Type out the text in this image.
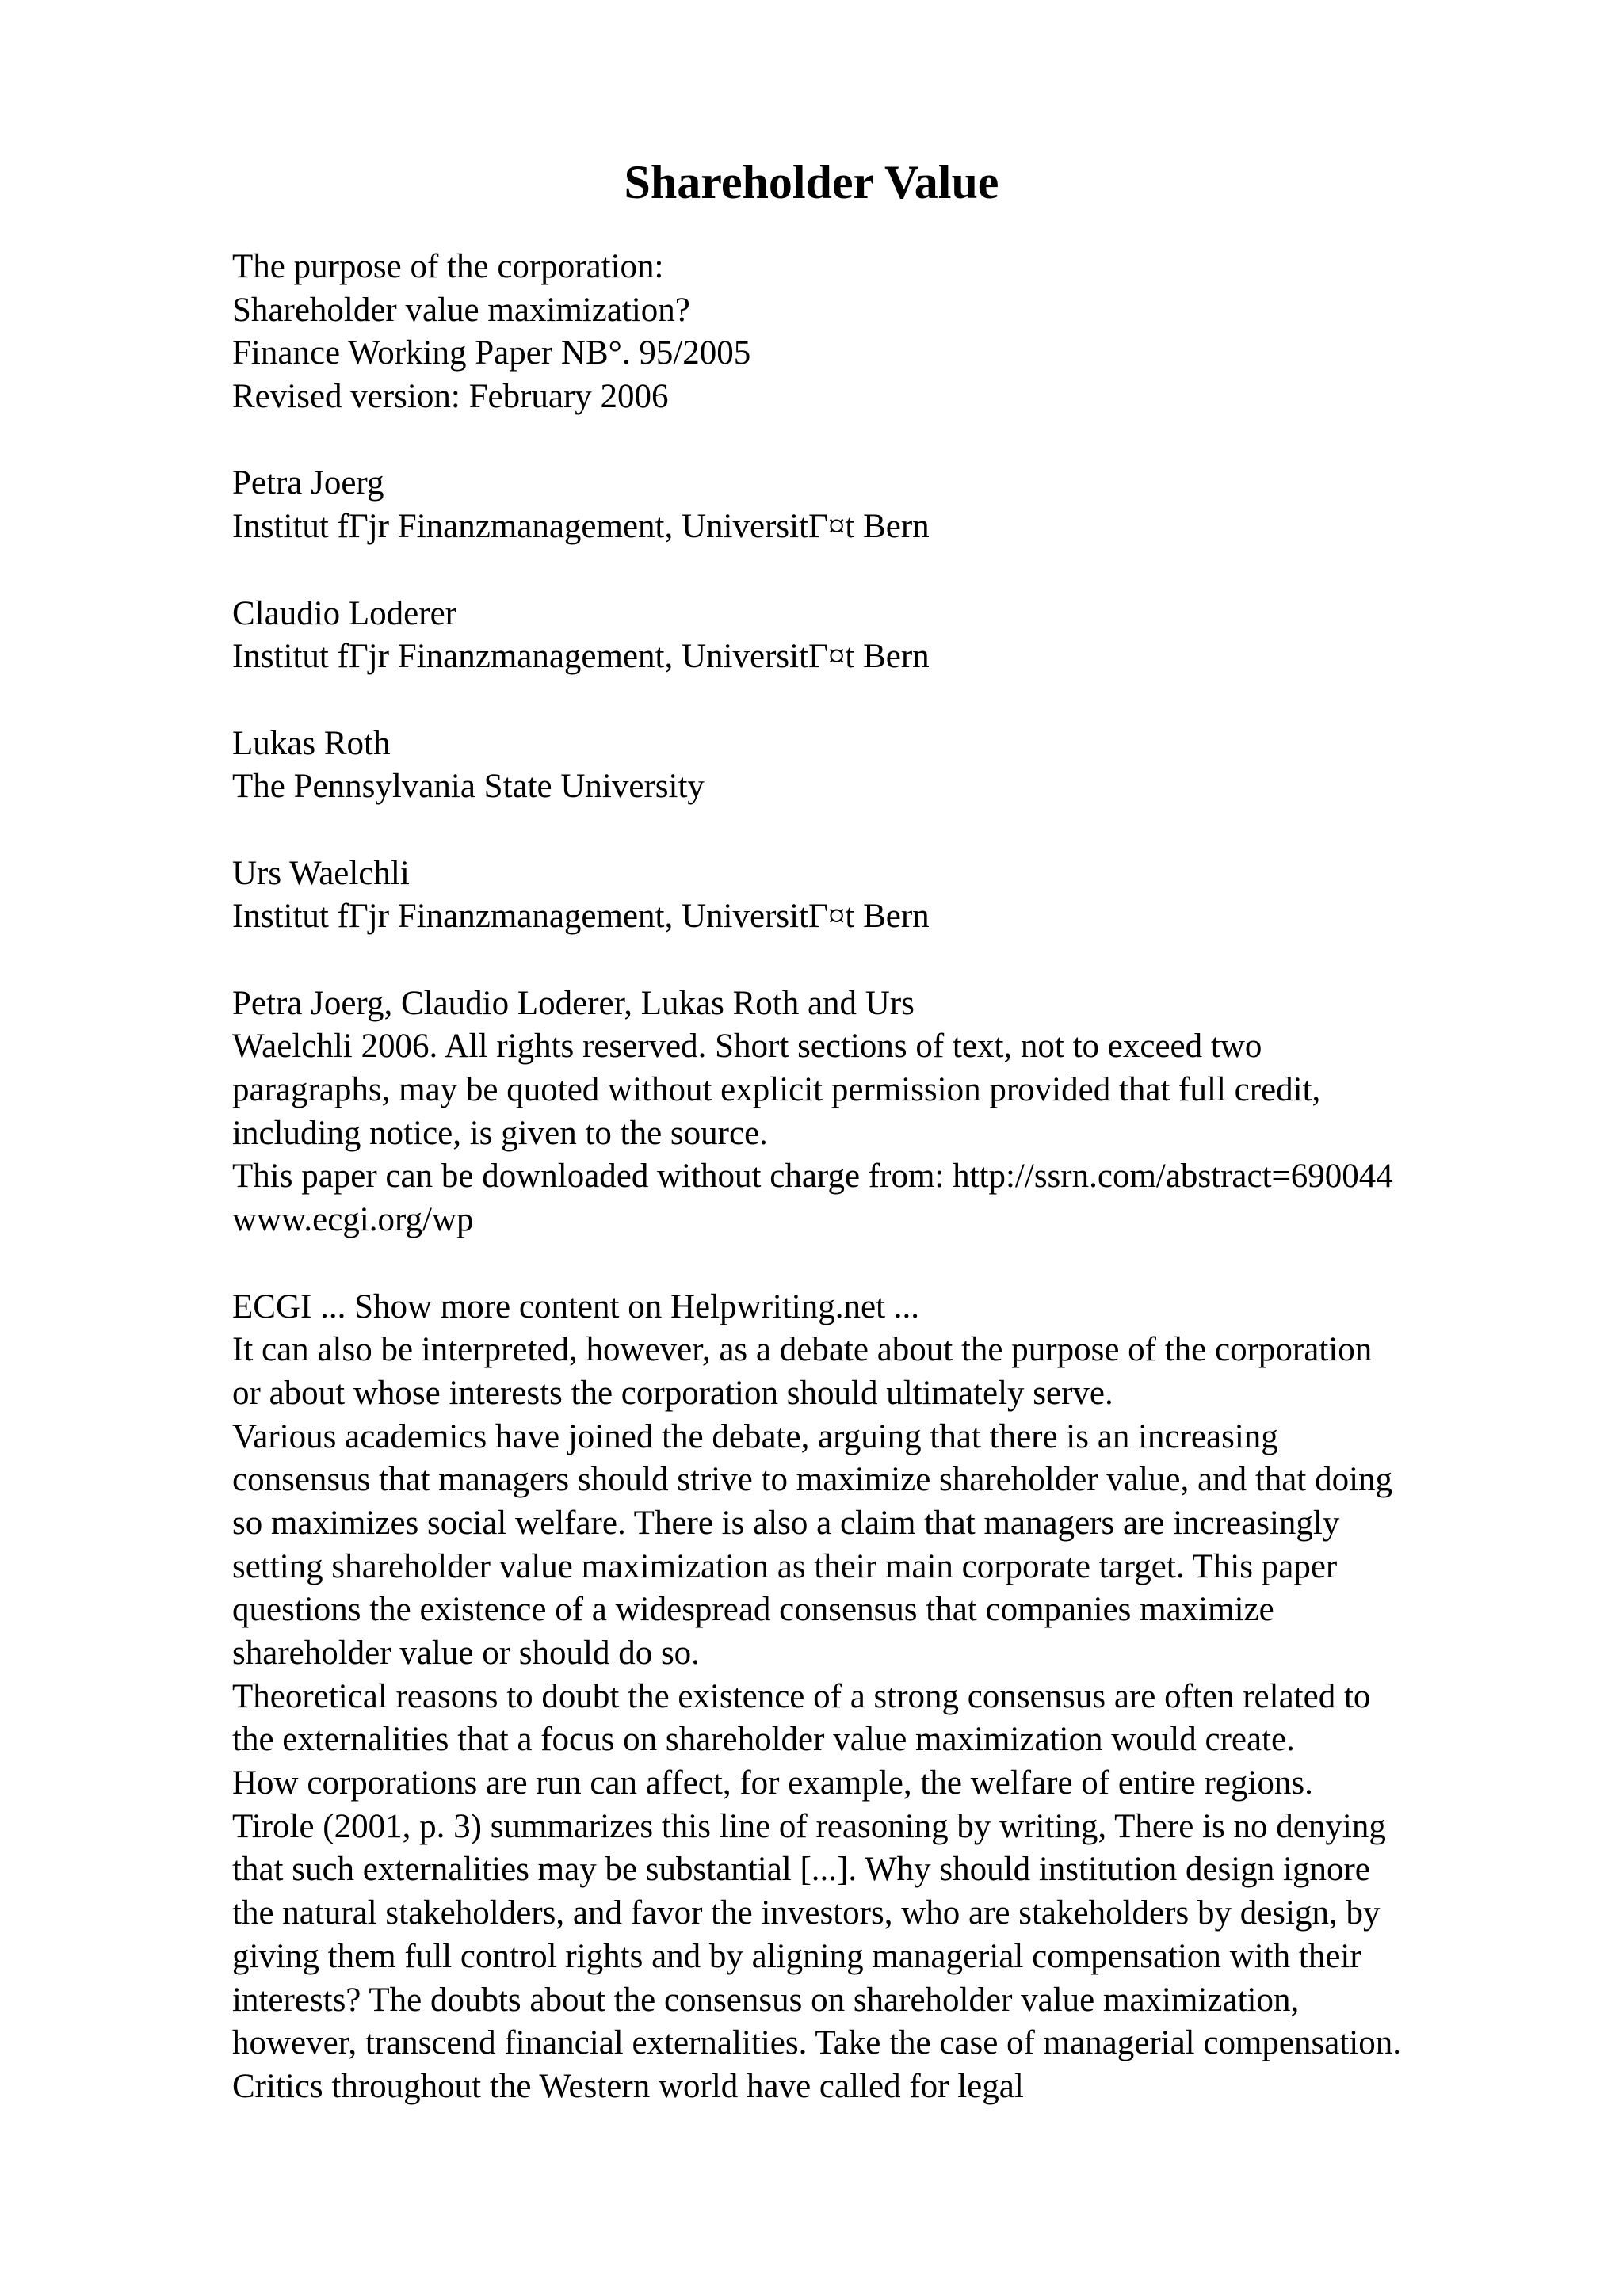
Shareholder Value
The purpose of the corporation:
Shareholder value maximization?
Finance Working Paper NB°. 95/2005
Revised version: February 2006
Petra Joerg
Institut fГјr Finanzmanagement, UniversitГ¤t Bern
Claudio Loderer
Institut fГјr Finanzmanagement, UniversitГ¤t Bern
Lukas Roth
The Pennsylvania State University
Urs Waelchli
Institut fГјr Finanzmanagement, UniversitГ¤t Bern
Petra Joerg, Claudio Loderer, Lukas Roth and Urs
Waelchli 2006. All rights reserved. Short sections of text, not to exceed two
paragraphs, may be quoted without explicit permission provided that full credit,
including notice, is given to the source.
This paper can be downloaded without charge from: http://ssrn.com/abstract=690044
www.ecgi.org/wp
ECGI ... Show more content on Helpwriting.net ...
It can also be interpreted, however, as a debate about the purpose of the corporation
or about whose interests the corporation should ultimately serve.
Various academics have joined the debate, arguing that there is an increasing
consensus that managers should strive to maximize shareholder value, and that doing
so maximizes social welfare. There is also a claim that managers are increasingly
setting shareholder value maximization as their main corporate target. This paper
questions the existence of a widespread consensus that companies maximize
shareholder value or should do so.
Theoretical reasons to doubt the existence of a strong consensus are often related to
the externalities that a focus on shareholder value maximization would create.
How corporations are run can affect, for example, the welfare of entire regions.
Tirole (2001, p. 3) summarizes this line of reasoning by writing, There is no denying
that such externalities may be substantial [...]. Why should institution design ignore
the natural stakeholders, and favor the investors, who are stakeholders by design, by
giving them full control rights and by aligning managerial compensation with their
interests? The doubts about the consensus on shareholder value maximization,
however, transcend financial externalities. Take the case of managerial compensation.
Critics throughout the Western world have called for legal
